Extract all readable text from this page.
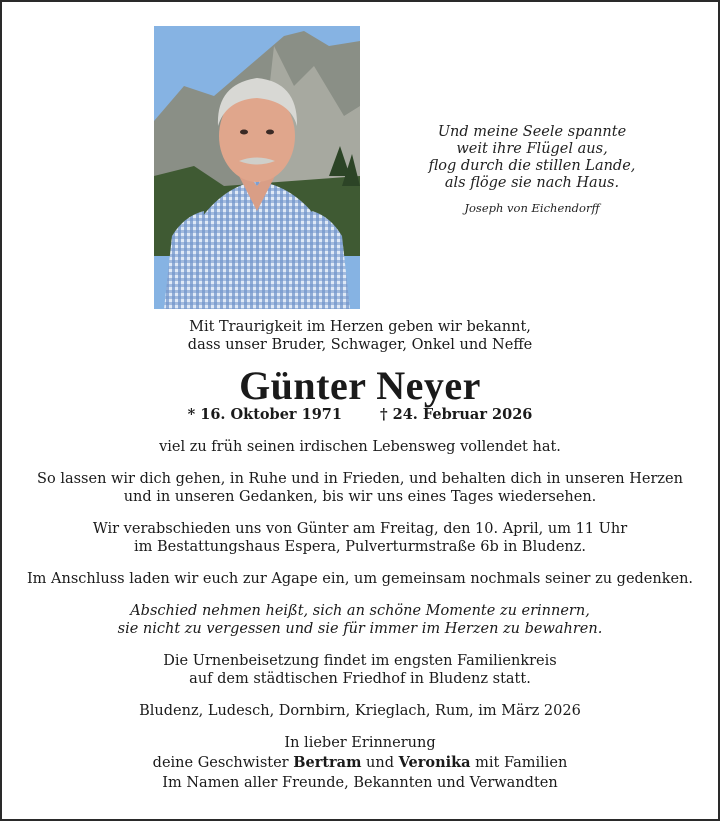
Und meine Seele spannte

weit ihre Flügel aus,

flog durch die stillen Lande,

als flöge sie nach Haus.

Joseph von Eichendorff

Mit Traurigkeit im Herzen geben wir bekannt,

dass unser Bruder, Schwager, Onkel und Neffe

Günter Neyer
* 16. Oktober 1971	† 24. Februar 2026

viel zu früh seinen irdischen Lebensweg vollendet hat.

So lassen wir dich gehen, in Ruhe und in Frieden, und behalten dich in unseren Herzen

und in unseren Gedanken, bis wir uns eines Tages wiedersehen.

Wir verabschieden uns von Günter am Freitag, den 10. April, um 11 Uhr

im Bestattungshaus Espera, Pulverturmstraße 6b in Bludenz.

Im Anschluss laden wir euch zur Agape ein, um gemeinsam nochmals seiner zu gedenken.

Abschied nehmen heißt, sich an schöne Momente zu erinnern,

sie nicht zu vergessen und sie für immer im Herzen zu bewahren.

Die Urnenbeisetzung findet im engsten Familienkreis

auf dem städtischen Friedhof in Bludenz statt.

Bludenz, Ludesch, Dornbirn, Krieglach, Rum, im März 2026

In lieber Erinnerung

deine Geschwister Bertram und Veronika mit Familien

Im Namen aller Freunde, Bekannten und Verwandten
